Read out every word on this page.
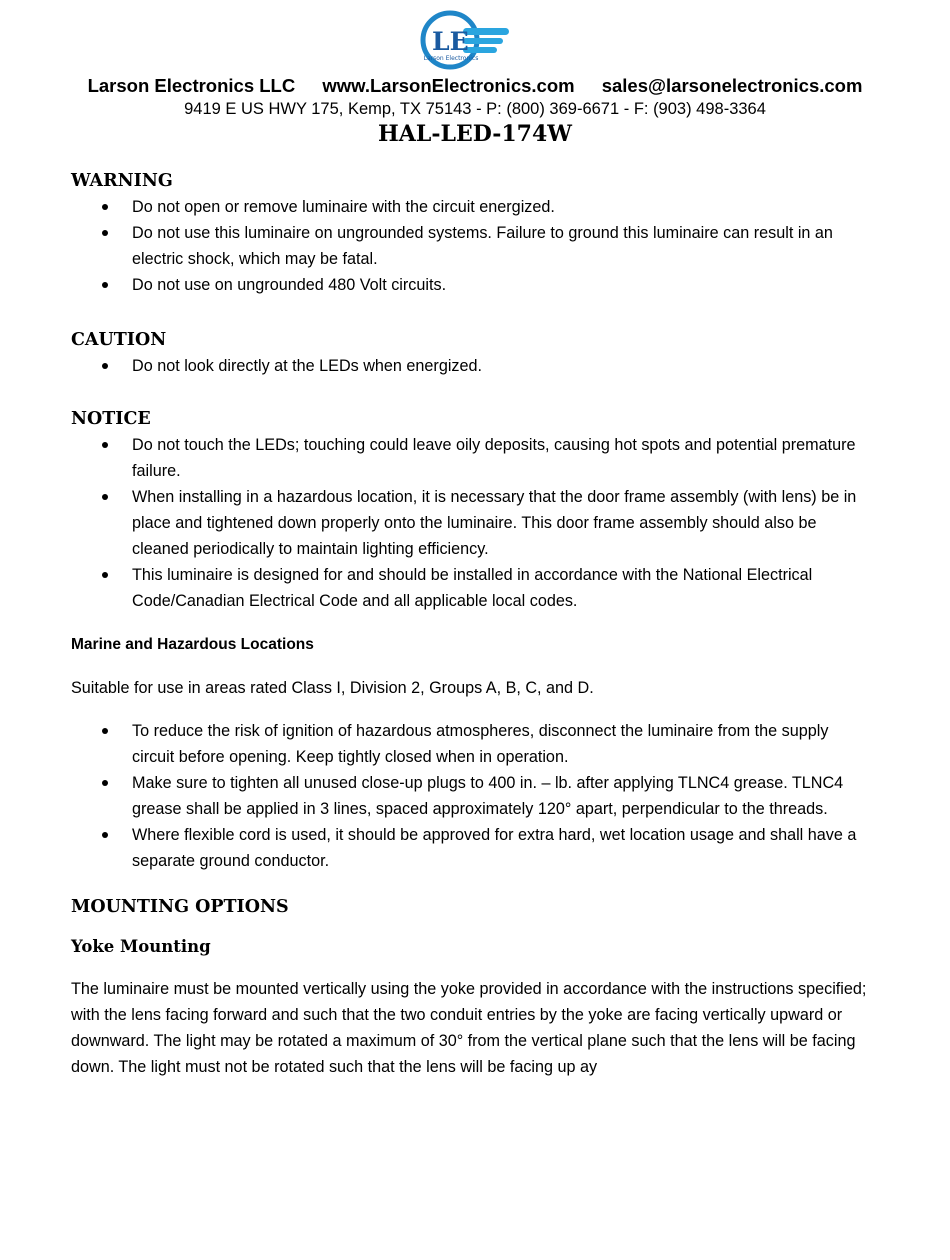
LE
Larson Electronics
Larson Electronics LLC www.LarsonElectronics.com sales@larsonelectronics.com
9419 E US HWY 175, Kemp, TX 75143 - P: (800) 369-6671 - F: (903) 498-3364
HAL-LED-174W
WARNING
Do not open or remove luminaire with the circuit energized.
Do not use this luminaire on ungrounded systems. Failure to ground this luminaire can result in an electric shock, which may be fatal.
Do not use on ungrounded 480 Volt circuits.
CAUTION
Do not look directly at the LEDs when energized.
NOTICE
Do not touch the LEDs; touching could leave oily deposits, causing hot spots and potential premature failure.
When installing in a hazardous location, it is necessary that the door frame assembly (with lens) be in place and tightened down properly onto the luminaire. This door frame assembly should also be cleaned periodically to maintain lighting efficiency.
This luminaire is designed for and should be installed in accordance with the National Electrical Code/Canadian Electrical Code and all applicable local codes.
Marine and Hazardous Locations

Suitable for use in areas rated Class I, Division 2, Groups A, B, C, and D.

To reduce the risk of ignition of hazardous atmospheres, disconnect the luminaire from the supply circuit before opening. Keep tightly closed when in operation.
Make sure to tighten all unused close-up plugs to 400 in. – lb. after applying TLNC4 grease. TLNC4 grease shall be applied in 3 lines, spaced approximately 120° apart, perpendicular to the threads.
Where flexible cord is used, it should be approved for extra hard, wet location usage and shall have a separate ground conductor.
MOUNTING OPTIONS
Yoke Mounting

The luminaire must be mounted vertically using the yoke provided in accordance with the instructions specified; with the lens facing forward and such that the two conduit entries by the yoke are facing vertically upward or downward. The light may be rotated a maximum of 30° from the vertical plane such that the lens will be facing down. The light must not be rotated such that the lens will be facing up ay
